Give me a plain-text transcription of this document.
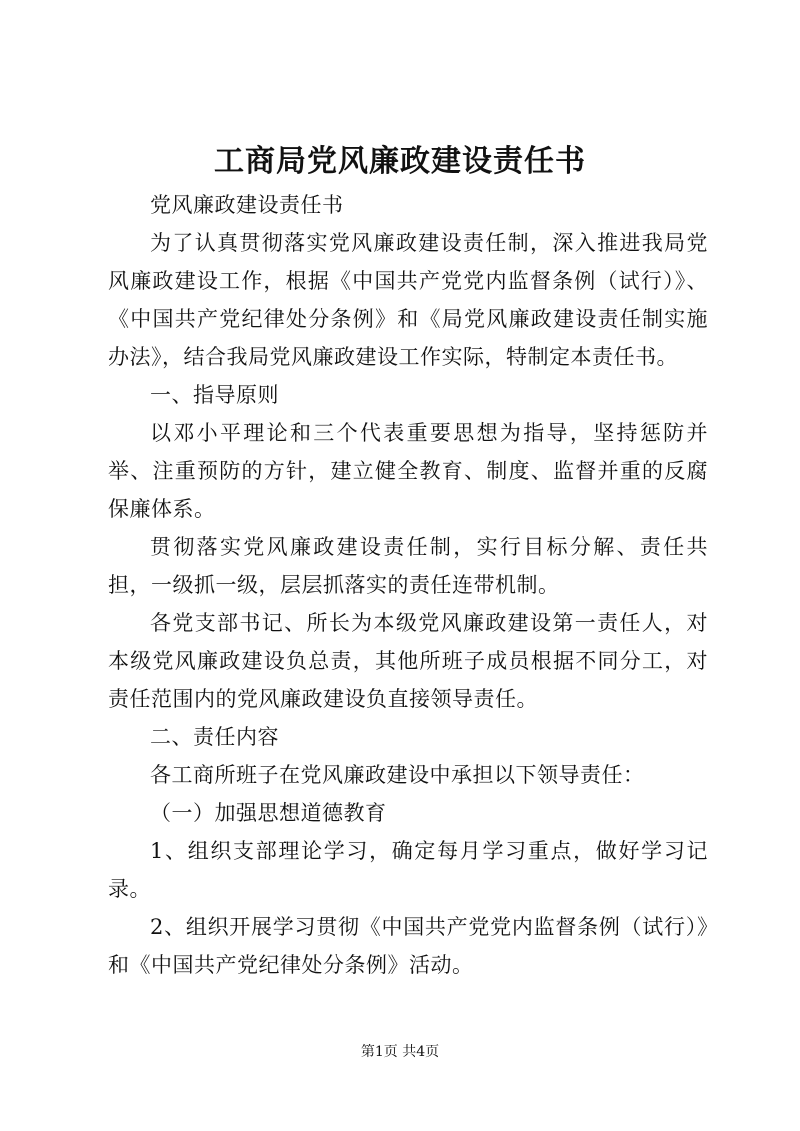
工商局党风廉政建设责任书

党风廉政建设责任书

为了认真贯彻落实党风廉政建设责任制，深入推进我局党风廉政建设工作，根据《中国共产党党内监督条例（试行）》、《中国共产党纪律处分条例》和《局党风廉政建设责任制实施办法》，结合我局党风廉政建设工作实际，特制定本责任书。

一、指导原则

以邓小平理论和三个代表重要思想为指导，坚持惩防并举、注重预防的方针，建立健全教育、制度、监督并重的反腐保廉体系。

贯彻落实党风廉政建设责任制，实行目标分解、责任共担，一级抓一级，层层抓落实的责任连带机制。

各党支部书记、所长为本级党风廉政建设第一责任人，对本级党风廉政建设负总责，其他所班子成员根据不同分工，对责任范围内的党风廉政建设负直接领导责任。

二、责任内容

各工商所班子在党风廉政建设中承担以下领导责任：

（一）加强思想道德教育

1、组织支部理论学习，确定每月学习重点，做好学习记录。

2、组织开展学习贯彻《中国共产党党内监督条例（试行）》和《中国共产党纪律处分条例》活动。

第1页 共4页
